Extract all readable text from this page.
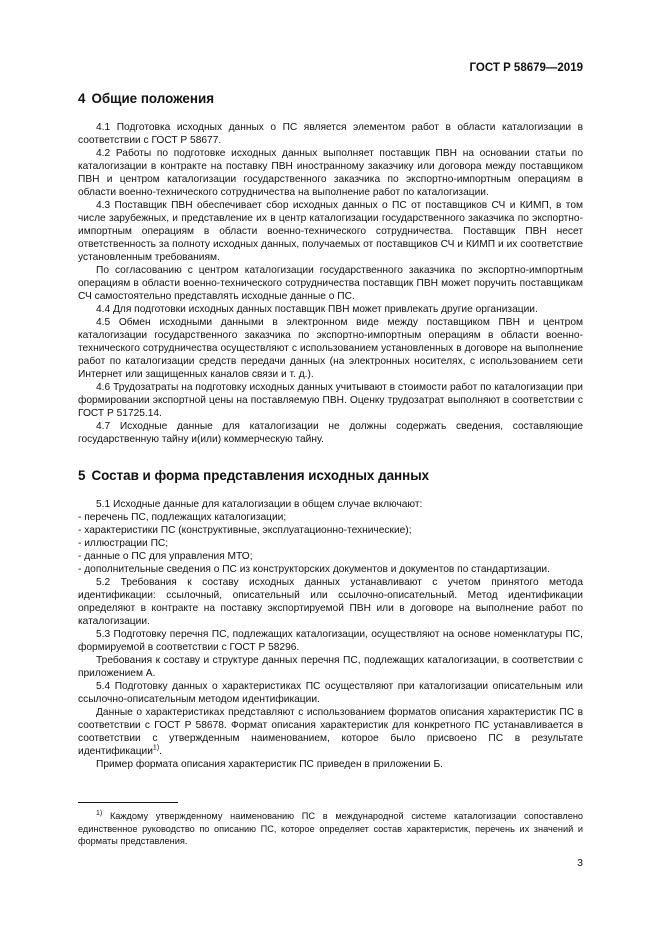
ГОСТ Р 58679—2019
4 Общие положения

4.1 Подготовка исходных данных о ПС является элементом работ в области каталогизации в соответствии с ГОСТ Р 58677.

4.2 Работы по подготовке исходных данных выполняет поставщик ПВН на основании статьи по каталогизации в контракте на поставку ПВН иностранному заказчику или договора между поставщиком ПВН и центром каталогизации государственного заказчика по экспортно-импортным операциям в области военно-технического сотрудничества на выполнение работ по каталогизации.

4.3 Поставщик ПВН обеспечивает сбор исходных данных о ПС от поставщиков СЧ и КИМП, в том числе зарубежных, и представление их в центр каталогизации государственного заказчика по экспортно-импортным операциям в области военно-технического сотрудничества. Поставщик ПВН несет ответственность за полноту исходных данных, получаемых от поставщиков СЧ и КИМП и их соответствие установленным требованиям.

По согласованию с центром каталогизации государственного заказчика по экспортно-импортным операциям в области военно-технического сотрудничества поставщик ПВН может поручить поставщикам СЧ самостоятельно представлять исходные данные о ПС.

4.4 Для подготовки исходных данных поставщик ПВН может привлекать другие организации.

4.5 Обмен исходными данными в электронном виде между поставщиком ПВН и центром каталогизации государственного заказчика по экспортно-импортным операциям в области военно-технического сотрудничества осуществляют с использованием установленных в договоре на выполнение работ по каталогизации средств передачи данных (на электронных носителях, с использованием сети Интернет или защищенных каналов связи и т. д.).

4.6 Трудозатраты на подготовку исходных данных учитывают в стоимости работ по каталогизации при формировании экспортной цены на поставляемую ПВН. Оценку трудозатрат выполняют в соответствии с ГОСТ Р 51725.14.

4.7 Исходные данные для каталогизации не должны содержать сведения, составляющие государственную тайну и(или) коммерческую тайну.

5 Состав и форма представления исходных данных

5.1 Исходные данные для каталогизации в общем случае включают:

- перечень ПС, подлежащих каталогизации;

- характеристики ПС (конструктивные, эксплуатационно-технические);

- иллюстрации ПС;

- данные о ПС для управления МТО;

- дополнительные сведения о ПС из конструкторских документов и документов по стандартизации.

5.2 Требования к составу исходных данных устанавливают с учетом принятого метода идентификации: ссылочный, описательный или ссылочно-описательный. Метод идентификации определяют в контракте на поставку экспортируемой ПВН или в договоре на выполнение работ по каталогизации.

5.3 Подготовку перечня ПС, подлежащих каталогизации, осуществляют на основе номенклатуры ПС, формируемой в соответствии с ГОСТ Р 58296.

Требования к составу и структуре данных перечня ПС, подлежащих каталогизации, в соответствии с приложением А.

5.4 Подготовку данных о характеристиках ПС осуществляют при каталогизации описательным или ссылочно-описательным методом идентификации.

Данные о характеристиках представляют с использованием форматов описания характеристик ПС в соответствии с ГОСТ Р 58678. Формат описания характеристик для конкретного ПС устанавливается в соответствии с утвержденным наименованием, которое было присвоено ПС в результате идентификации$^{1)}$.

Пример формата описания характеристик ПС приведен в приложении Б.

$^{1)}$ Каждому утвержденному наименованию ПС в международной системе каталогизации сопоставлено единственное руководство по описанию ПС, которое определяет состав характеристик, перечень их значений и форматы представления.

3
